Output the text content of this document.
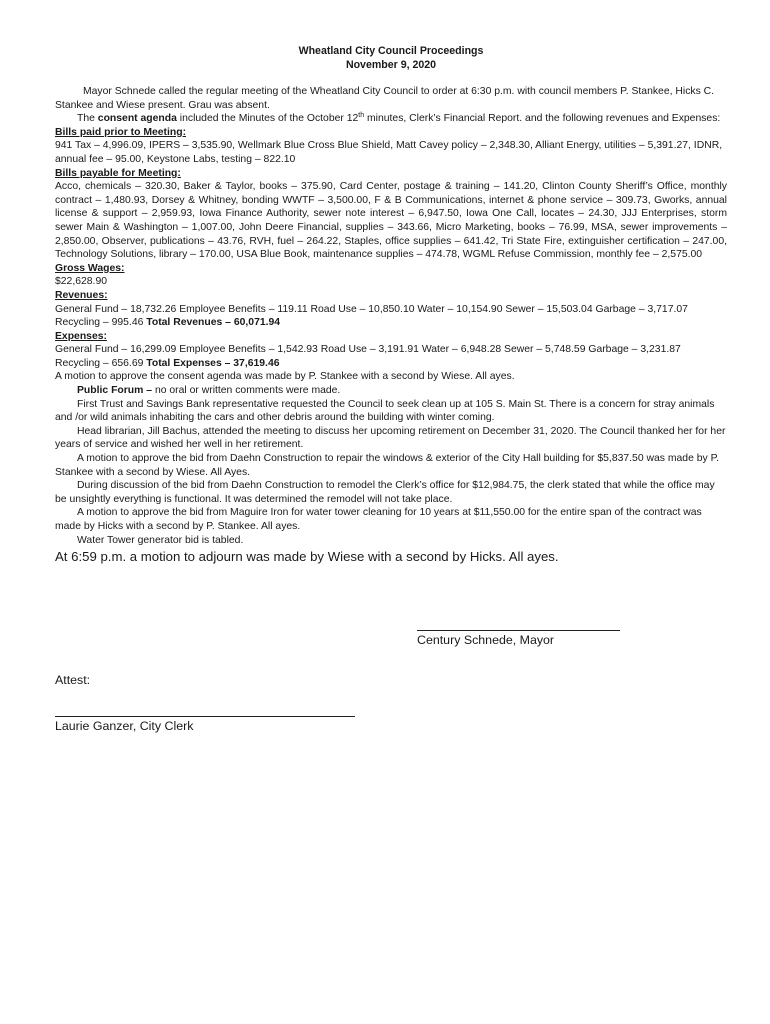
Wheatland City Council Proceedings
November 9, 2020

Mayor Schnede called the regular meeting of the Wheatland City Council to order at 6:30 p.m. with council members P. Stankee, Hicks C. Stankee and Wiese present. Grau was absent.

The consent agenda included the Minutes of the October 12th minutes, Clerk’s Financial Report. and the following revenues and Expenses:

Bills paid prior to Meeting:

941 Tax – 4,996.09, IPERS – 3,535.90, Wellmark Blue Cross Blue Shield, Matt Cavey policy – 2,348.30, Alliant Energy, utilities – 5,391.27, IDNR, annual fee – 95.00, Keystone Labs, testing – 822.10

Bills payable for Meeting:

Acco, chemicals – 320.30, Baker & Taylor, books – 375.90, Card Center, postage & training – 141.20, Clinton County Sheriff’s Office, monthly contract – 1,480.93, Dorsey & Whitney, bonding WWTF – 3,500.00, F & B Communications, internet & phone service – 309.73, Gworks, annual license & support – 2,959.93, Iowa Finance Authority, sewer note interest – 6,947.50, Iowa One Call, locates – 24.30, JJJ Enterprises, storm sewer Main & Washington – 1,007.00, John Deere Financial, supplies – 343.66, Micro Marketing, books – 76.99, MSA, sewer improvements – 2,850.00, Observer, publications – 43.76, RVH, fuel – 264.22, Staples, office supplies – 641.42, Tri State Fire, extinguisher certification – 247.00, Technology Solutions, library – 170.00, USA Blue Book, maintenance supplies – 474.78, WGML Refuse Commission, monthly fee – 2,575.00

Gross Wages:
$22,628.90
Revenues:

General Fund – 18,732.26 Employee Benefits – 119.11 Road Use – 10,850.10 Water – 10,154.90 Sewer – 15,503.04 Garbage – 3,717.07 Recycling – 995.46 Total Revenues – 60,071.94

Expenses:

General Fund – 16,299.09 Employee Benefits – 1,542.93 Road Use – 3,191.91 Water – 6,948.28 Sewer – 5,748.59 Garbage – 3,231.87 Recycling – 656.69 Total Expenses – 37,619.46

A motion to approve the consent agenda was made by P. Stankee with a second by Wiese. All ayes.

Public Forum – no oral or written comments were made.

First Trust and Savings Bank representative requested the Council to seek clean up at 105 S. Main St. There is a concern for stray animals and /or wild animals inhabiting the cars and other debris around the building with winter coming.

Head librarian, Jill Bachus, attended the meeting to discuss her upcoming retirement on December 31, 2020. The Council thanked her for her years of service and wished her well in her retirement.

A motion to approve the bid from Daehn Construction to repair the windows & exterior of the City Hall building for $5,837.50 was made by P. Stankee with a second by Wiese. All Ayes.

During discussion of the bid from Daehn Construction to remodel the Clerk’s office for $12,984.75, the clerk stated that while the office may be unsightly everything is functional. It was determined the remodel will not take place.

A motion to approve the bid from Maguire Iron for water tower cleaning for 10 years at $11,550.00 for the entire span of the contract was made by Hicks with a second by P. Stankee. All ayes.

Water Tower generator bid is tabled.

At 6:59 p.m. a motion to adjourn was made by Wiese with a second by Hicks. All ayes.

Century Schnede, Mayor
Attest:
Laurie Ganzer, City Clerk
